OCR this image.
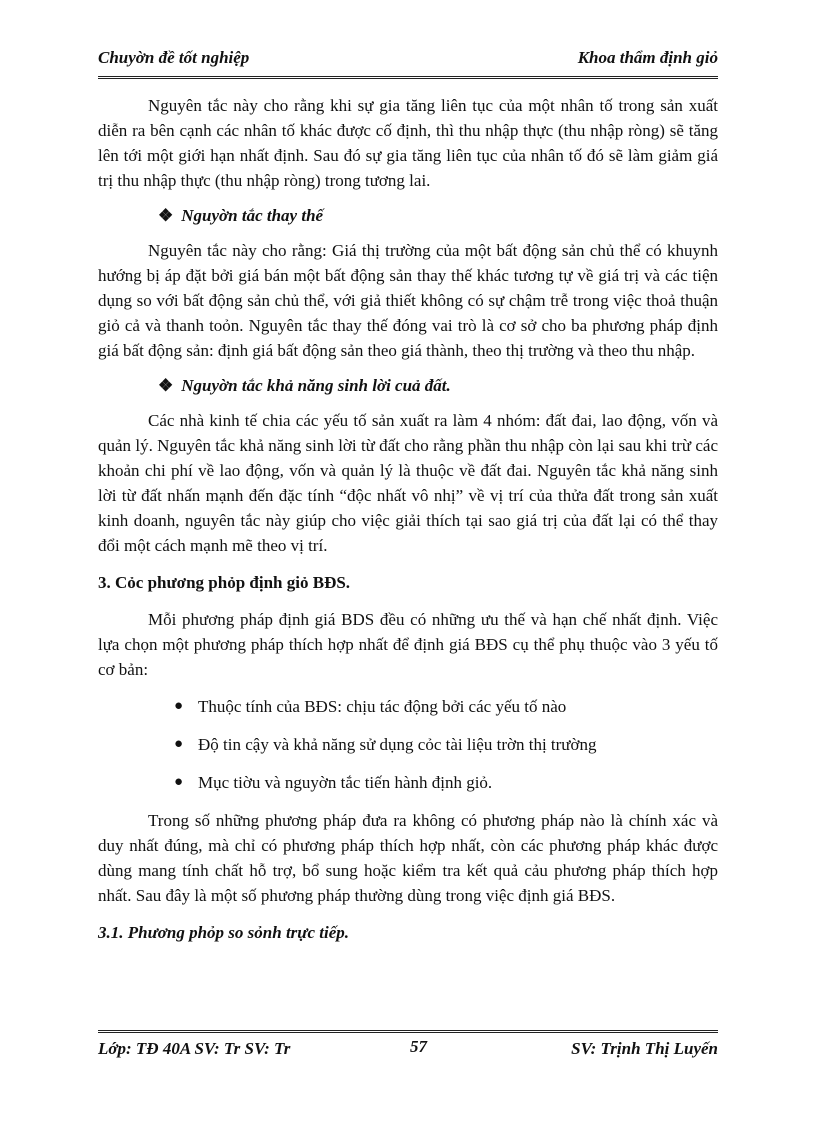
Chuyờn đề tốt nghiệp	Khoa thẩm định giỏ

Nguyên tắc này cho rằng khi sự gia tăng liên tục của một nhân tố trong sản xuất diễn ra bên cạnh các nhân tố khác được cố định, thì thu nhập thực (thu nhập ròng) sẽ tăng lên tới một giới hạn nhất định. Sau đó sự gia tăng liên tục của nhân tố đó sẽ làm giảm giá trị thu nhập thực (thu nhập ròng) trong tương lai.

❖ Nguyờn tắc thay thế

Nguyên tắc này cho rằng: Giá thị trường của một bất động sản chủ thể có khuynh hướng bị áp đặt bởi giá bán một bất động sản thay thế khác tương tự về giá trị và các tiện dụng so với bất động sản chủ thể, với giả thiết không có sự chậm trễ trong việc thoả thuận giỏ cả và thanh toỏn. Nguyên tắc thay thế đóng vai trò là cơ sở cho ba phương pháp định giá bất động sản: định giá bất động sản theo giá thành, theo thị trường và theo thu nhập.

❖ Nguyờn tắc khả năng sinh lời cuả đất.

Các nhà kinh tế chia các yếu tố sản xuất ra làm 4 nhóm: đất đai, lao động, vốn và quản lý. Nguyên tắc khả năng sinh lời từ đất cho rằng phần thu nhập còn lại sau khi trừ các khoản chi phí về lao động, vốn và quản lý là thuộc về đất đai. Nguyên tắc khả năng sinh lời từ đất nhấn mạnh đến đặc tính “độc nhất vô nhị” về vị trí của thửa đất trong sản xuất kinh doanh, nguyên tắc này giúp cho việc giải thích tại sao giá trị của đất lại có thể thay đổi một cách mạnh mẽ theo vị trí.

3. Cỏc phương phỏp định giỏ BĐS.

Mỗi phương pháp định giá BDS đều có những ưu thế và hạn chế nhất định. Việc lựa chọn một phương pháp thích hợp nhất để định giá BĐS cụ thể phụ thuộc vào 3 yếu tố cơ bản:

● Thuộc tính của BĐS: chịu tác động bởi các yếu tố nào
● Độ tin cậy và khả năng sử dụng cỏc tài liệu trờn thị trường
● Mục tiờu và nguyờn tắc tiến hành định giỏ.

Trong số những phương pháp đưa ra không có phương pháp nào là chính xác và duy nhất đúng, mà chỉ có phương pháp thích hợp nhất, còn các phương pháp khác được dùng mang tính chất hỗ trợ, bổ sung hoặc kiểm tra kết quả cảu phương pháp thích hợp nhất. Sau đây là một số phương pháp thường dùng trong việc định giá BĐS.

3.1. Phương phỏp so sỏnh trực tiếp.

Lớp: TĐ 40A SV: Tr SV: Tr	57	SV: Trịnh Thị Luyến
